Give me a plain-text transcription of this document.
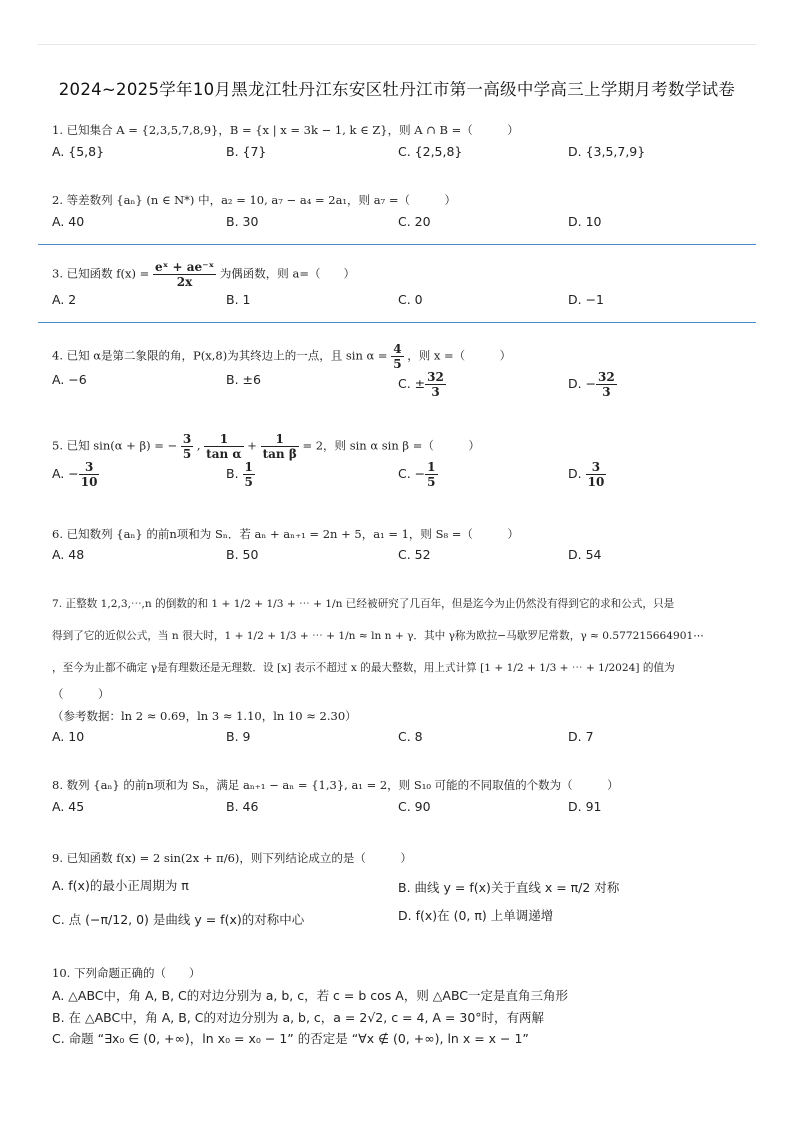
2024~2025学年10月黑龙江牡丹江东安区牡丹江市第一高级中学高三上学期月考数学试卷
1. 已知集合 A = {2,3,5,7,8,9}，B = {x | x = 3k − 1, k ∈ Z}，则 A ∩ B =（　　　）
A. {5,8}	B. {7}	C. {2,5,8}	D. {3,5,7,9}
2. 等差数列 {aₙ} (n ∈ N*) 中，a₂ = 10, a₇ − a₄ = 2a₁，则 a₇ =（　　　）
A. 40	B. 30	C. 20	D. 10
3. 已知函数 $f(x) = \frac{\text{eˣ + ae⁻ˣ}}{2x}$ 为偶函数，则 a=（　　）
A. 2	B. 1	C. 0	D. −1
4. 已知 α是第二象限的角，P(x,8)为其终边上的一点，且 $\sin \alpha = \frac{4}{5}$ ，则 x =（　　　）
A. −6	B. ±6	C. ± $\frac{32}{3}$	D. − $\frac{32}{3}$
5. 已知 sin(α + β) = − $\frac{3}{5}$ , $\frac{1}{\text{tan α}} + \frac{1}{\text{tan β}} = 2$，则 sin α sin β =（　　　）
A. − $\frac{3}{10}$	B. $\frac{1}{5}$	C. − $\frac{1}{5}$	D. $\frac{3}{10}$
6. 已知数列 {aₙ} 的前n项和为 Sₙ．若 aₙ + aₙ₊₁ = 2n + 5，a₁ = 1，则 S₈ =（　　　）
A. 48	B. 50	C. 52	D. 54
7. 正整数 1,2,3,⋯,n 的倒数的和 1 + 1/2 + 1/3 + ⋯ + 1/n 已经被研究了几百年，但是迄今为止仍然没有得到它的求和公式，只是
得到了它的近似公式，当 n 很大时，1 + 1/2 + 1/3 + ⋯ + 1/n ≈ ln n + γ．其中 γ称为欧拉−马歇罗尼常数，γ ≈ 0.577215664901⋯
，至今为止都不确定 γ是有理数还是无理数．设 [x] 表示不超过 x 的最大整数，用上式计算 [1 + 1/2 + 1/3 + ⋯ + 1/2024] 的值为
（　　　）
（参考数据：ln 2 ≈ 0.69，ln 3 ≈ 1.10，ln 10 ≈ 2.30）
A. 10	B. 9	C. 8	D. 7
8. 数列 {aₙ} 的前n项和为 Sₙ，满足 aₙ₊₁ − aₙ = {1,3}, a₁ = 2，则 S₁₀ 可能的不同取值的个数为（　　　）
A. 45	B. 46	C. 90	D. 91
9. 已知函数 f(x) = 2 sin(2x + π/6)，则下列结论成立的是（　　　）
A. f(x)的最小正周期为 π	B. 曲线 y = f(x)关于直线 x = π/2 对称
C. 点 (−π/12, 0) 是曲线 y = f(x)的对称中心	D. f(x)在 (0, π) 上单调递增
10. 下列命题正确的（　　）
A. △ABC中，角 A, B, C的对边分别为 a, b, c，若 c = b cos A，则 △ABC一定是直角三角形
B. 在 △ABC中，角 A, B, C的对边分别为 a, b, c，a = 2√2, c = 4, A = 30°时，有两解
C. 命题 “∃x₀ ∈ (0, +∞)，ln x₀ = x₀ − 1” 的否定是 “∀x ∉ (0, +∞), ln x = x − 1”
